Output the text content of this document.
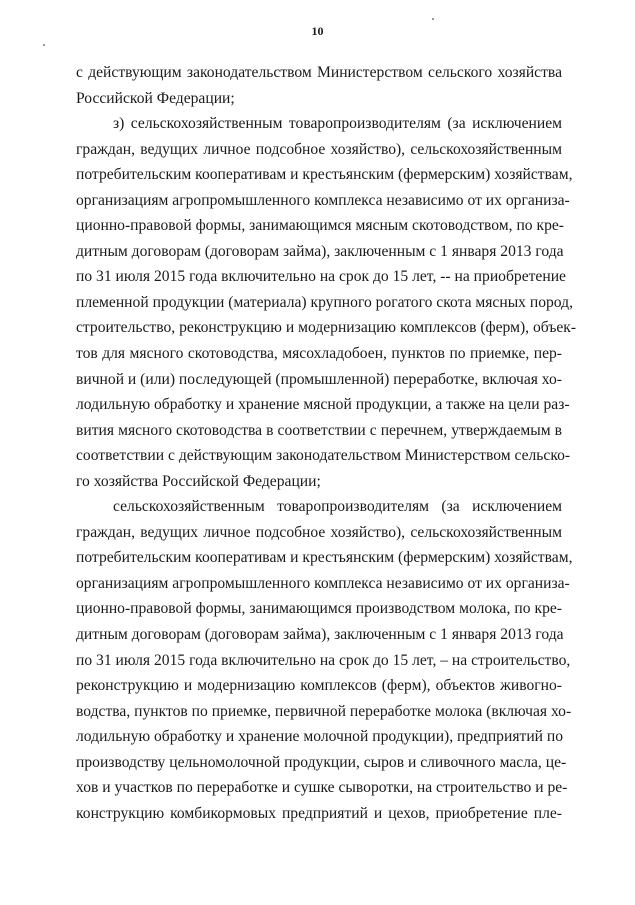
10
с действующим законодательством Министерством сельского хозяйства
Российской Федерации;
з) сельскохозяйственным товаропроизводителям (за исключением
граждан, ведущих личное подсобное хозяйство), сельскохозяйственным
потребительским кооперативам и крестьянским (фермерским) хозяйствам,
организациям агропромышленного комплекса независимо от их организа-
ционно-правовой формы, занимающимся мясным скотоводством, по кре-
дитным договорам (договорам займа), заключенным с 1 января 2013 года
по 31 июля 2015 года включительно на срок до 15 лет, -- на приобретение
племенной продукции (материала) крупного рогатого скота мясных пород,
строительство, реконструкцию и модернизацию комплексов (ферм), объек-
тов для мясного скотоводства, мясохладобоен, пунктов по приемке, пер-
вичной и (или) последующей (промышленной) переработке, включая хо-
лодильную обработку и хранение мясной продукции, а также на цели раз-
вития мясного скотоводства в соответствии с перечнем, утверждаемым в
соответствии с действующим законодательством Министерством сельско-
го хозяйства Российской Федерации;
сельскохозяйственным товаропроизводителям (за исключением
граждан, ведущих личное подсобное хозяйство), сельскохозяйственным
потребительским кооперативам и крестьянским (фермерским) хозяйствам,
организациям агропромышленного комплекса независимо от их организа-
ционно-правовой формы, занимающимся производством молока, по кре-
дитным договорам (договорам займа), заключенным с 1 января 2013 года
по 31 июля 2015 года включительно на срок до 15 лет, – на строительство,
реконструкцию и модернизацию комплексов (ферм), объектов живогно-
водства, пунктов по приемке, первичной переработке молока (включая хо-
лодильную обработку и хранение молочной продукции), предприятий по
производству цельномолочной продукции, сыров и сливочного масла, це-
хов и участков по переработке и сушке сыворотки, на строительство и ре-
конструкцию комбикормовых предприятий и цехов, приобретение пле-
